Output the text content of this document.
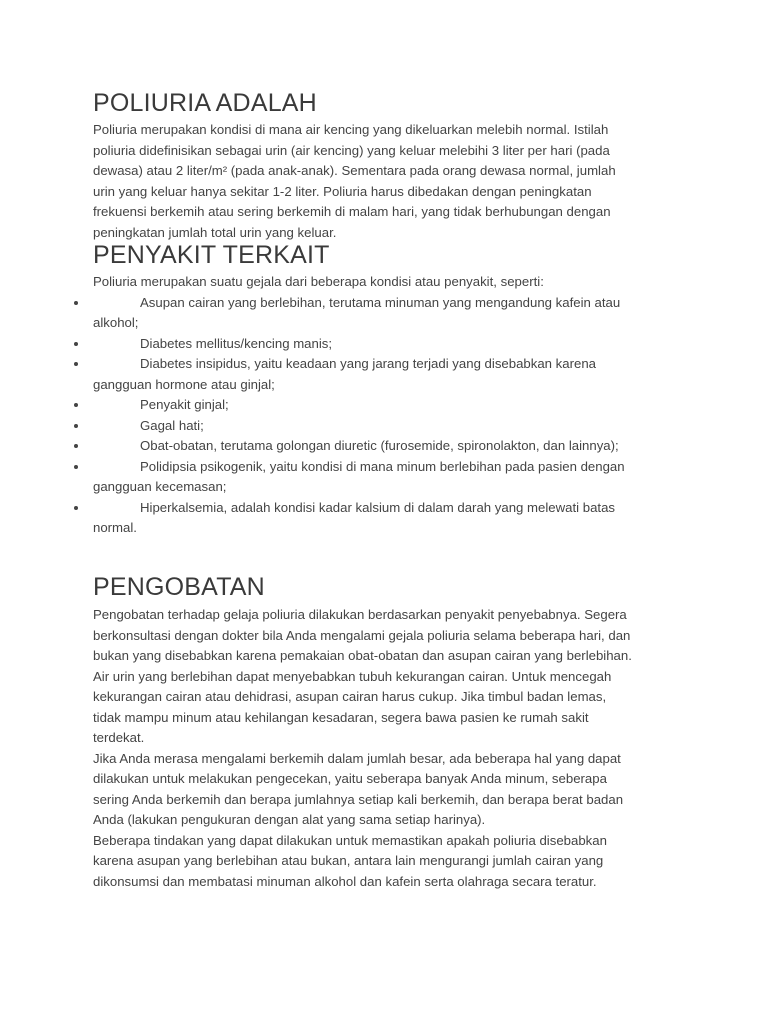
POLIURIA ADALAH
Poliuria merupakan kondisi di mana air kencing yang dikeluarkan melebih normal. Istilah
poliuria didefinisikan sebagai urin (air kencing) yang keluar melebihi 3 liter per hari (pada
dewasa) atau 2 liter/m² (pada anak-anak). Sementara pada orang dewasa normal, jumlah
urin yang keluar hanya sekitar 1-2 liter. Poliuria harus dibedakan dengan peningkatan
frekuensi berkemih atau sering berkemih di malam hari, yang tidak berhubungan dengan
peningkatan jumlah total urin yang keluar.
PENYAKIT TERKAIT
Poliuria merupakan suatu gejala dari beberapa kondisi atau penyakit, seperti:
Asupan cairan yang berlebihan, terutama minuman yang mengandung kafein atau
alkohol;
Diabetes mellitus/kencing manis;
Diabetes insipidus, yaitu keadaan yang jarang terjadi yang disebabkan karena
gangguan hormone atau ginjal;
Penyakit ginjal;
Gagal hati;
Obat-obatan, terutama golongan diuretic (furosemide, spironolakton, dan lainnya);
Polidipsia psikogenik, yaitu kondisi di mana minum berlebihan pada pasien dengan
gangguan kecemasan;
Hiperkalsemia, adalah kondisi kadar kalsium di dalam darah yang melewati batas
normal.
PENGOBATAN
Pengobatan terhadap gelaja poliuria dilakukan berdasarkan penyakit penyebabnya. Segera
berkonsultasi dengan dokter bila Anda mengalami gejala poliuria selama beberapa hari, dan
bukan yang disebabkan karena pemakaian obat-obatan dan asupan cairan yang berlebihan.
Air urin yang berlebihan dapat menyebabkan tubuh kekurangan cairan. Untuk mencegah
kekurangan cairan atau dehidrasi, asupan cairan harus cukup. Jika timbul badan lemas,
tidak mampu minum atau kehilangan kesadaran, segera bawa pasien ke rumah sakit
terdekat.
Jika Anda merasa mengalami berkemih dalam jumlah besar, ada beberapa hal yang dapat
dilakukan untuk melakukan pengecekan, yaitu seberapa banyak Anda minum, seberapa
sering Anda berkemih dan berapa jumlahnya setiap kali berkemih, dan berapa berat badan
Anda (lakukan pengukuran dengan alat yang sama setiap harinya).
Beberapa tindakan yang dapat dilakukan untuk memastikan apakah poliuria disebabkan
karena asupan yang berlebihan atau bukan, antara lain mengurangi jumlah cairan yang
dikonsumsi dan membatasi minuman alkohol dan kafein serta olahraga secara teratur.
